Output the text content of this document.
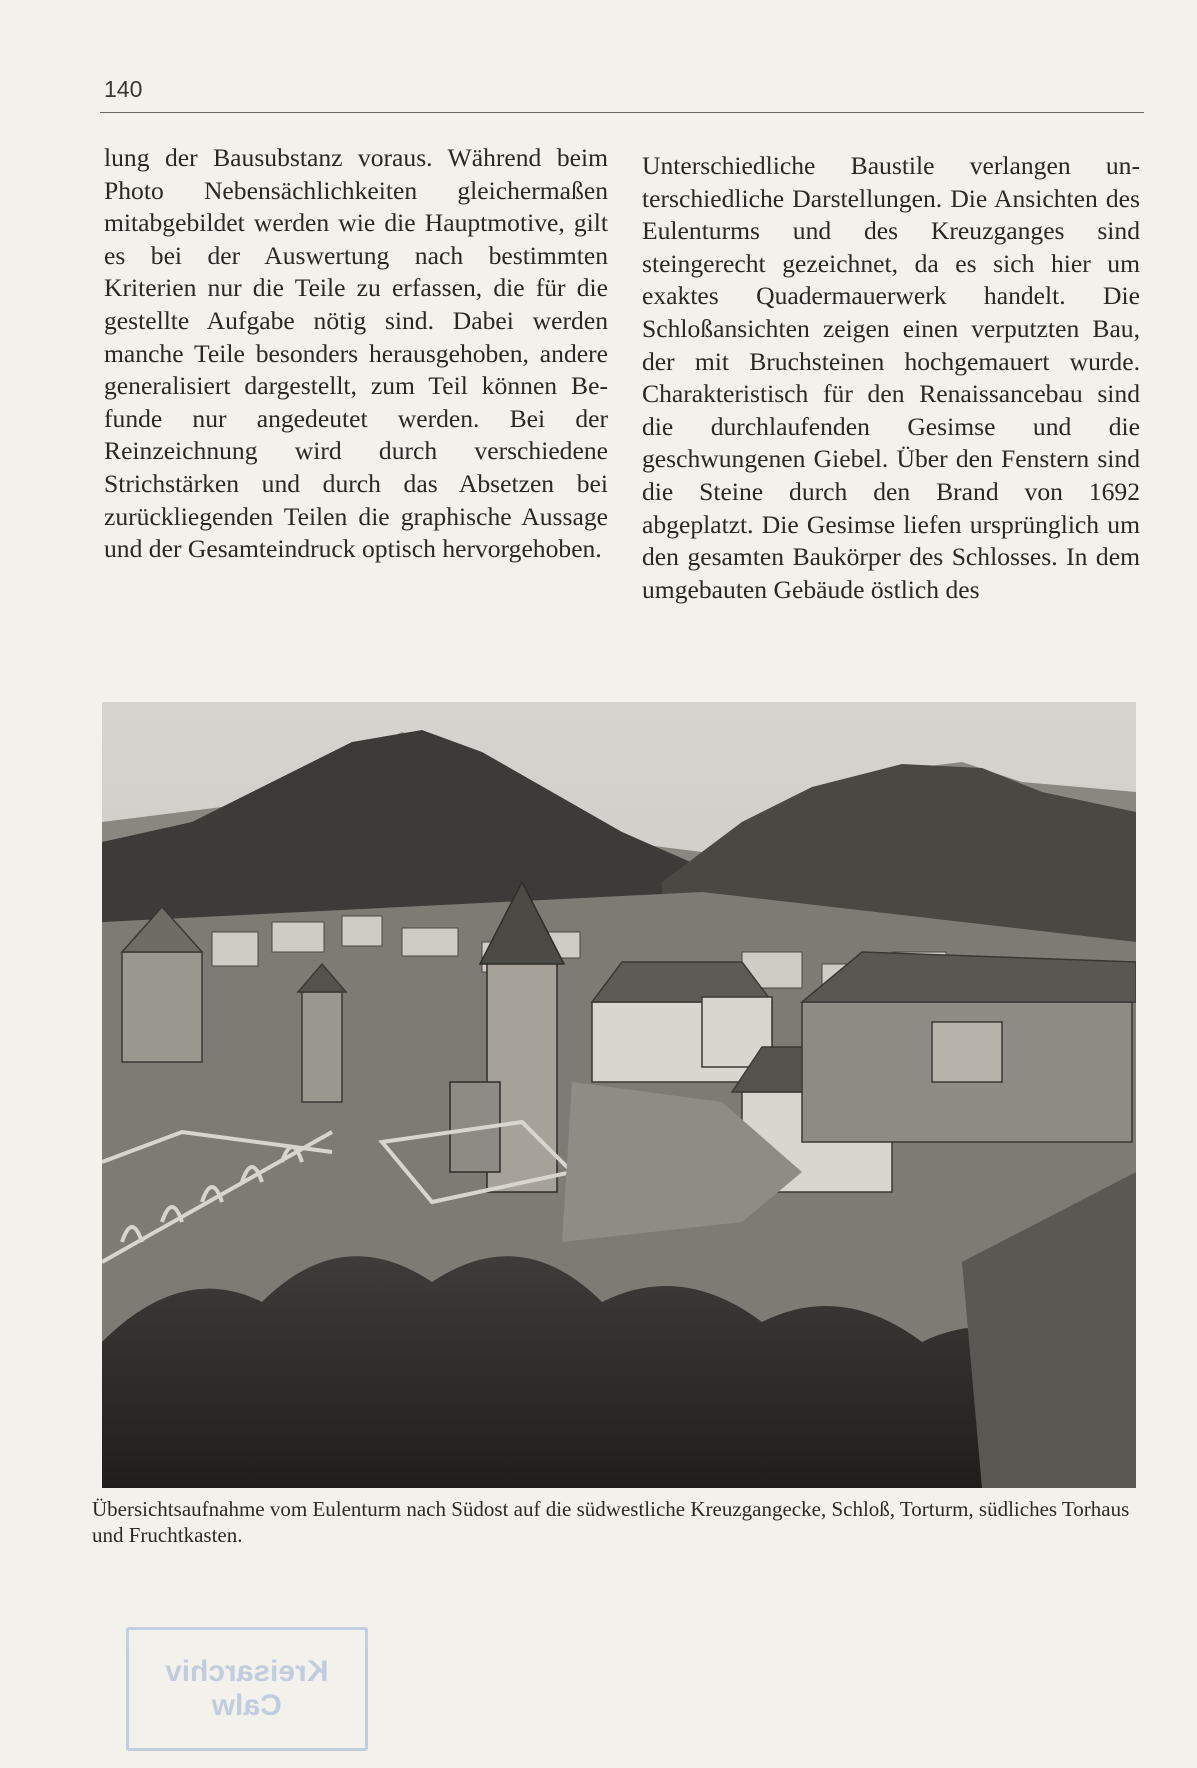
140
lung der Bausubstanz voraus. Während beim Photo Nebensächlichkeiten gleichermaßen mitabgebildet werden wie die Hauptmotive, gilt es bei der Auswertung nach bestimmten Kriterien nur die Teile zu erfassen, die für die gestellte Aufgabe nötig sind. Dabei werden manche Teile besonders herausgehoben, andere generalisiert dargestellt, zum Teil können Befunde nur angedeutet werden. Bei der Reinzeichnung wird durch verschiedene Strichstärken und durch das Absetzen bei zurückliegenden Teilen die graphische Aussage und der Gesamteindruck optisch hervorgehoben.
Unterschiedliche Baustile verlangen unterschiedliche Darstellungen. Die Ansichten des Eulenturms und des Kreuzganges sind steingerecht gezeichnet, da es sich hier um exaktes Quadermauerwerk handelt. Die Schloßansichten zeigen einen verputzten Bau, der mit Bruchsteinen hochgemauert wurde. Charakteristisch für den Renaissancebau sind die durchlaufenden Gesimse und die geschwungenen Giebel. Über den Fenstern sind die Steine durch den Brand von 1692 abgeplatzt. Die Gesimse liefen ursprünglich um den gesamten Baukörper des Schlosses. In dem umgebauten Gebäude östlich des
Übersichtsaufnahme vom Eulenturm nach Südost auf die südwestliche Kreuzgangecke, Schloß, Torturm, südliches Torhaus und Fruchtkasten.
Kreisarchiv
Calw
